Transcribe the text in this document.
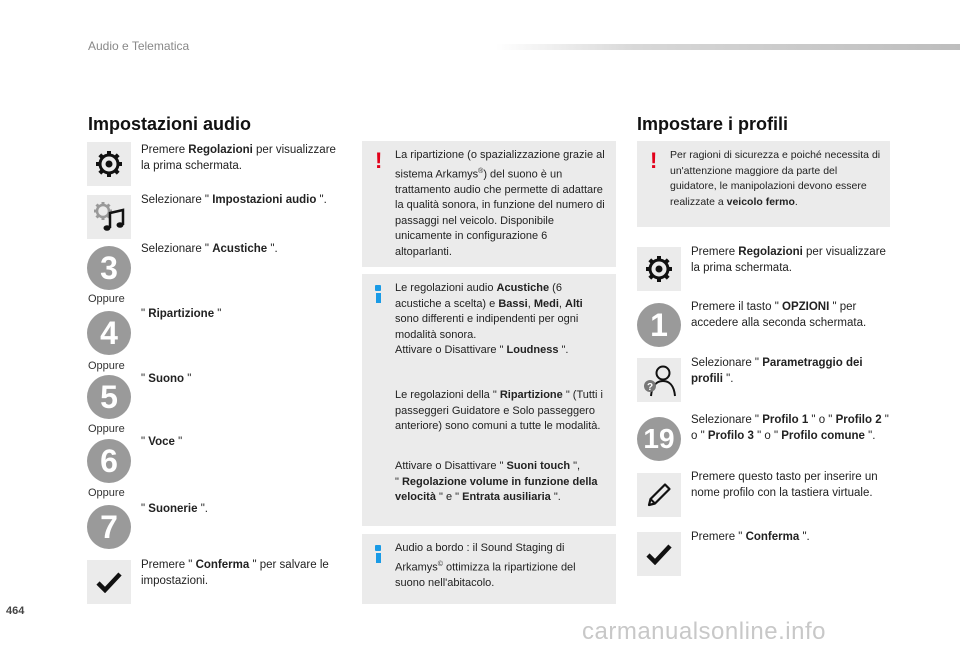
Audio e Telematica
Impostazioni audio
Premere Regolazioni per visualizzare la prima schermata.
Selezionare " Impostazioni audio ".
3
Selezionare " Acustiche ".
Oppure
4
" Ripartizione "
Oppure
5	" Suono "
Oppure
6
" Voce "
Oppure
7	" Suonerie ".
Premere " Conferma " per salvare le impostazioni.
! La ripartizione (o spazializzazione grazie al sistema Arkamys®) del suono è un trattamento audio che permette di adattare la qualità sonora, in funzione del numero di passaggi nel veicolo. Disponibile unicamente in configurazione 6 altoparlanti.
Le regolazioni audio Acustiche (6 acustiche a scelta) e Bassi, Medi, Alti sono differenti e indipendenti per ogni modalità sonora.
Attivare o Disattivare " Loudness ".
Le regolazioni della " Ripartizione " (Tutti i passeggeri Guidatore e Solo passeggero anteriore) sono comuni a tutte le modalità.
Attivare o Disattivare " Suoni touch ",
" Regolazione volume in funzione della velocità " e " Entrata ausiliaria ".
Audio a bordo : il Sound Staging di Arkamys© ottimizza la ripartizione del suono nell'abitacolo.
Impostare i profili
! Per ragioni di sicurezza e poiché necessita di un'attenzione maggiore da parte del guidatore, le manipolazioni devono essere realizzate a veicolo fermo.
Premere Regolazioni per visualizzare la prima schermata.
1	Premere il tasto " OPZIONI " per accedere alla seconda schermata.
?
Selezionare " Parametraggio dei profili ".
19
Selezionare " Profilo 1 " o " Profilo 2 " o " Profilo 3 " o " Profilo comune ".
Premere questo tasto per inserire un nome profilo con la tastiera virtuale.
Premere " Conferma ".
464
carmanualsonline.info
